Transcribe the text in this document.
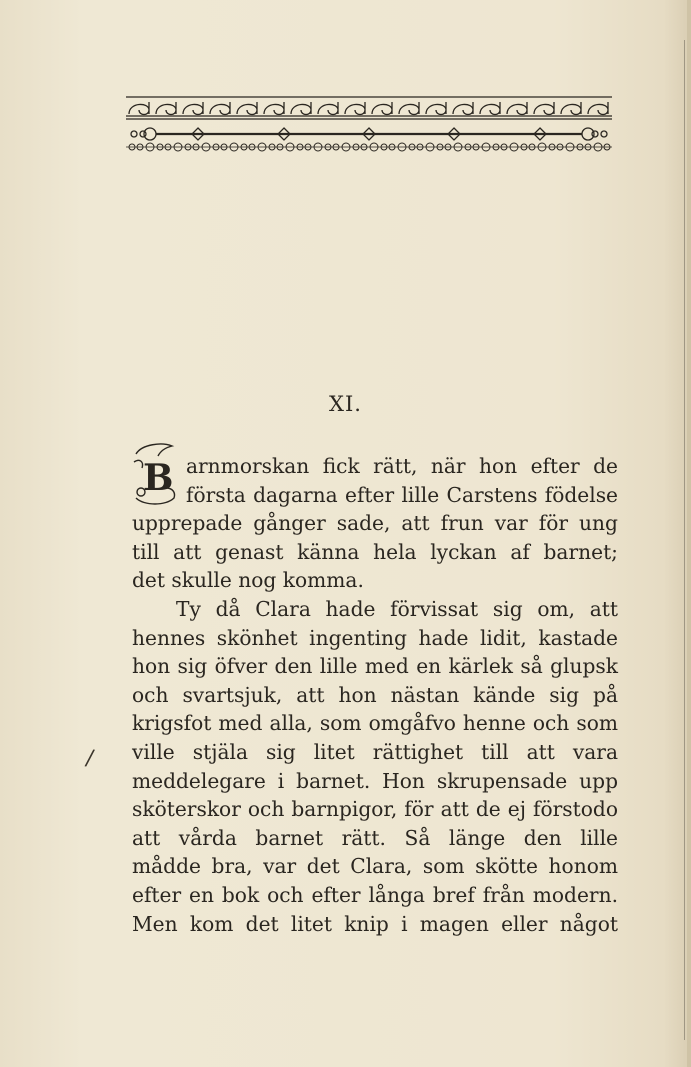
XI.
B arnmorskan fick rätt, när hon efter de
första dagarna efter lille Carstens födelse
upprepade gånger sade, att frun var för ung
till att genast känna hela lyckan af barnet;
det skulle nog komma.
Ty då Clara hade förvissat sig om, att
hennes skönhet ingenting hade lidit, kastade
hon sig öfver den lille med en kärlek så glupsk
och svartsjuk, att hon nästan kände sig på
krigsfot med alla, som omgåfvo henne och som
ville stjäla sig litet rättighet till att vara
meddelegare i barnet. Hon skrupensade upp
sköterskor och barnpigor, för att de ej förstodo
att vårda barnet rätt. Så länge den lille
mådde bra, var det Clara, som skötte honom
efter en bok och efter långa bref från modern.
Men kom det litet knip i magen eller något
/
